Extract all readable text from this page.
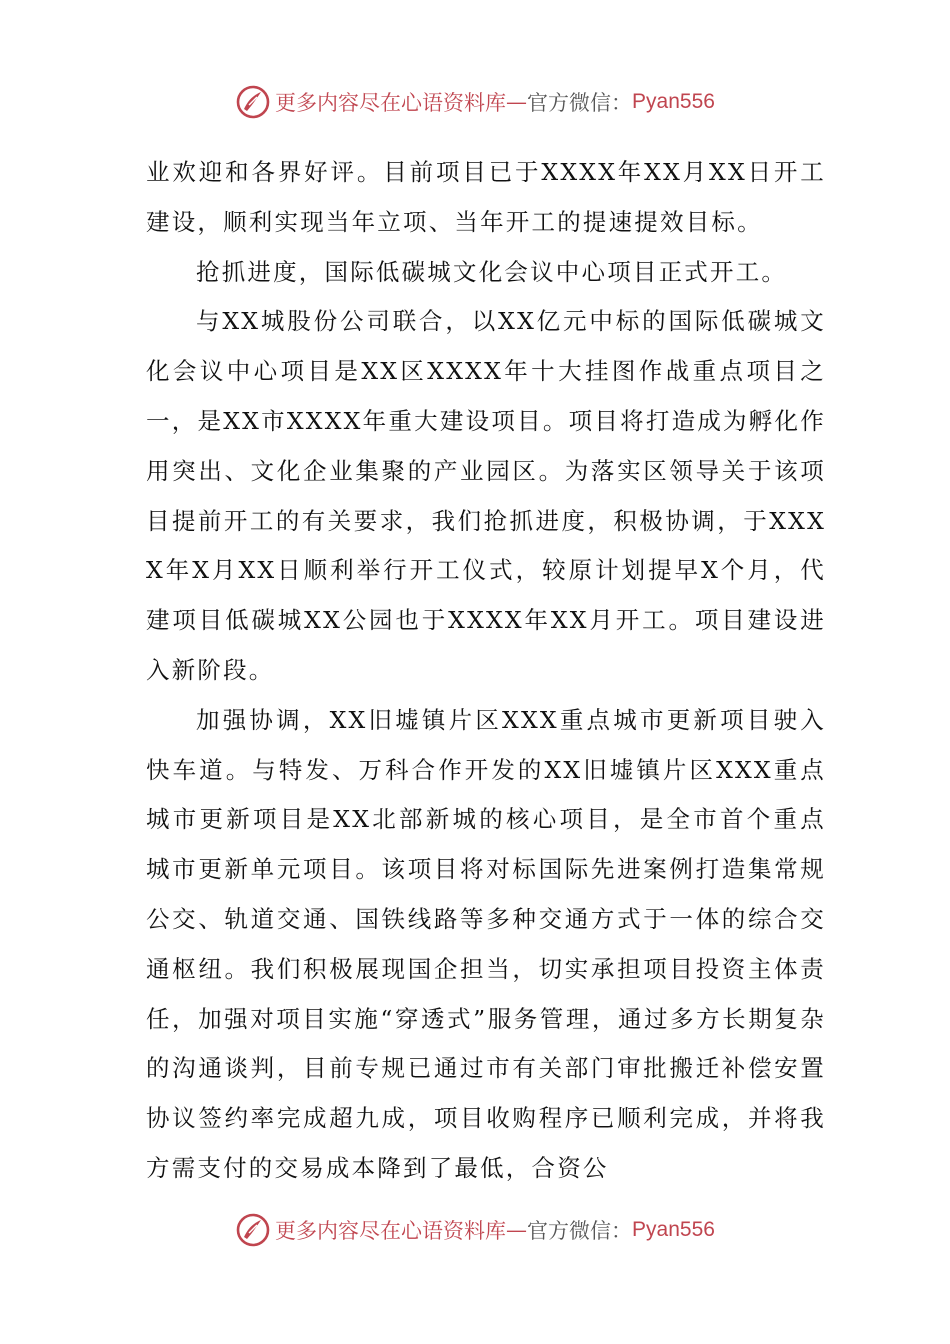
更多内容尽在心语资料库 — 官方微信： Pyan556

业欢迎和各界好评。目前项目已于XXXX年XX月XX日开工建设，顺利实现当年立项、当年开工的提速提效目标。

抢抓进度，国际低碳城文化会议中心项目正式开工。

与XX城股份公司联合，以XX亿元中标的国际低碳城文化会议中心项目是XX区XXXX年十大挂图作战重点项目之一，是XX市XXXX年重大建设项目。项目将打造成为孵化作用突出、文化企业集聚的产业园区。为落实区领导关于该项目提前开工的有关要求，我们抢抓进度，积极协调，于XXXX年X月XX日顺利举行开工仪式，较原计划提早X个月，代建项目低碳城XX公园也于XXXX年XX月开工。项目建设进入新阶段。

加强协调，XX旧墟镇片区XXX重点城市更新项目驶入快车道。与特发、万科合作开发的XX旧墟镇片区XXX重点城市更新项目是XX北部新城的核心项目，是全市首个重点城市更新单元项目。该项目将对标国际先进案例打造集常规公交、轨道交通、国铁线路等多种交通方式于一体的综合交通枢纽。我们积极展现国企担当，切实承担项目投资主体责任，加强对项目实施“穿透式”服务管理，通过多方长期复杂的沟通谈判，目前专规已通过市有关部门审批搬迁补偿安置协议签约率完成超九成，项目收购程序已顺利完成，并将我方需支付的交易成本降到了最低，合资公

更多内容尽在心语资料库 — 官方微信： Pyan556
